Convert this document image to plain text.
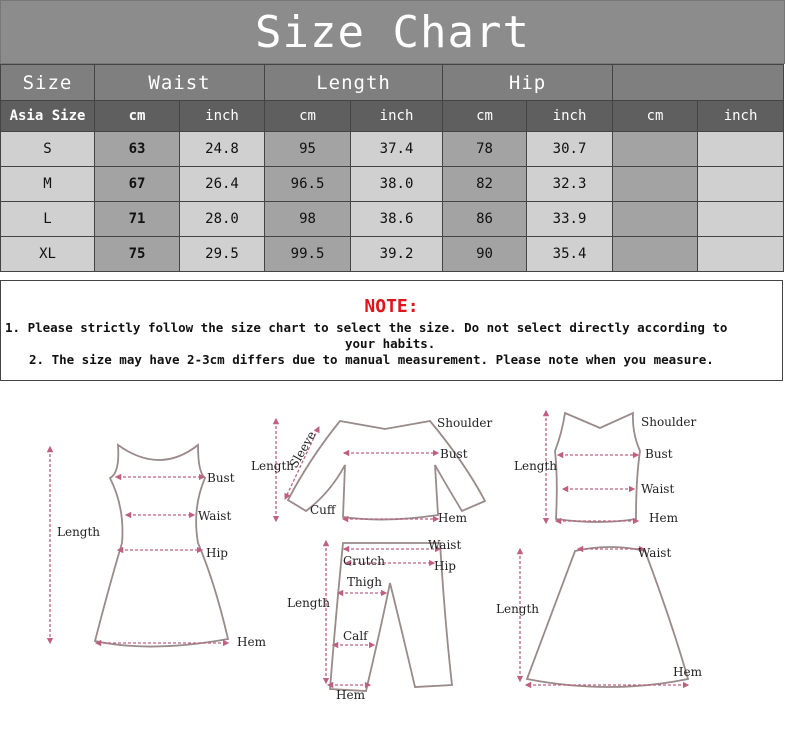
Size Chart
Size	Waist		Length		Hip			
Asia Size	cm	inch	cm	inch	cm	inch	cm	inch
S	63	24.8	95	37.4	78	30.7		
M	67	26.4	96.5	38.0	82	32.3		
L	71	28.0	98	38.6	86	33.9		
XL	75	29.5	99.5	39.2	90	35.4		
NOTE:
1. Please strictly follow the size chart to select the size. Do not select directly according to
your habits.
2. The size may have 2-3cm differs due to manual measurement. Please note when you measure.
Length
Bust
Waist
Hip
Hem
Length
Sleeve
Shoulder
Bust
Cuff
Hem
Length
Shoulder
Bust
Waist
Hem
Length
Waist
Hip
Crutch
Thigh
Calf
Hem
Length
Waist
Hem
